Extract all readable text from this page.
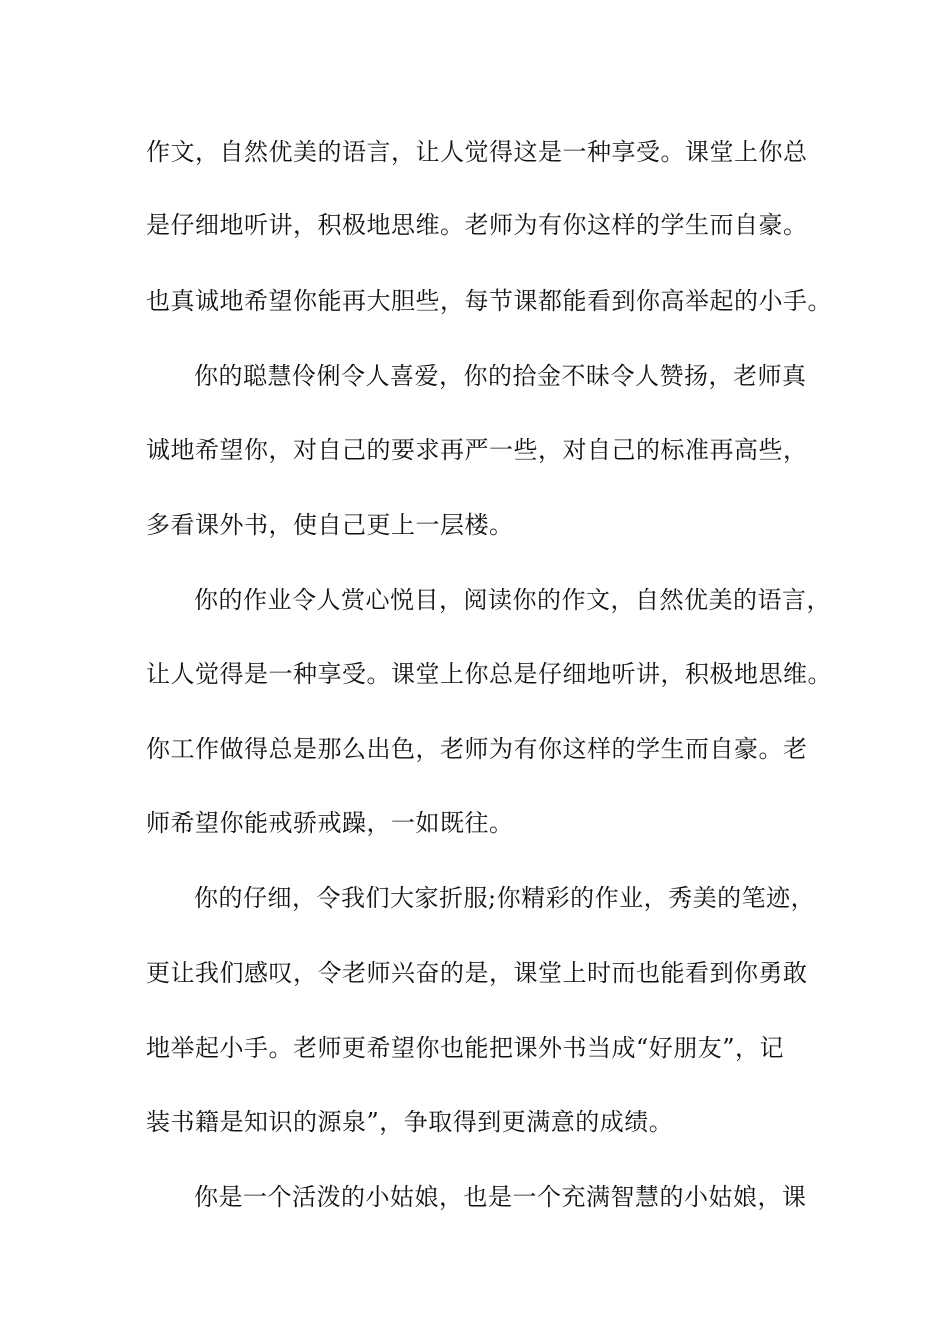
作文，自然优美的语言，让人觉得这是一种享受。课堂上你总
是仔细地听讲，积极地思维。老师为有你这样的学生而自豪。
也真诚地希望你能再大胆些，每节课都能看到你高举起的小手。
你的聪慧伶俐令人喜爱，你的拾金不昧令人赞扬，老师真
诚地希望你，对自己的要求再严一些，对自己的标准再高些，
多看课外书，使自己更上一层楼。
你的作业令人赏心悦目，阅读你的作文，自然优美的语言，
让人觉得是一种享受。课堂上你总是仔细地听讲，积极地思维。
你工作做得总是那么出色，老师为有你这样的学生而自豪。老
师希望你能戒骄戒躁，一如既往。
你的仔细，令我们大家折服;你精彩的作业，秀美的笔迹，
更让我们感叹，令老师兴奋的是，课堂上时而也能看到你勇敢
地举起小手。老师更希望你也能把课外书当成“好朋友”，记
装书籍是知识的源泉”，争取得到更满意的成绩。
你是一个活泼的小姑娘，也是一个充满智慧的小姑娘，课
